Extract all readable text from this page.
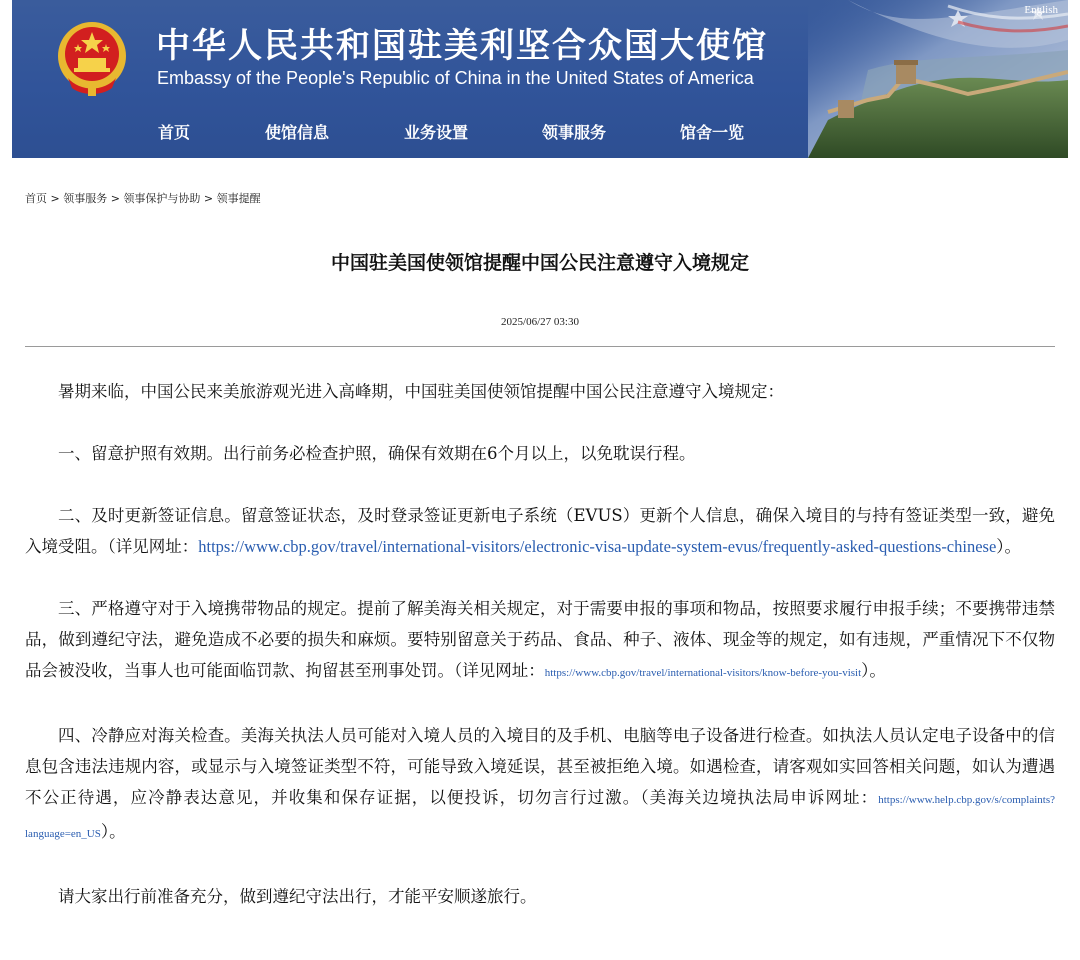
中华人民共和国驻美利坚合众国大使馆
Embassy of the People's Republic of China in the United States of America
English
首页	使馆信息	业务设置	领事服务	馆舍一览
首页 > 领事服务 > 领事保护与协助 > 领事提醒
中国驻美国使领馆提醒中国公民注意遵守入境规定
2025/06/27 03:30

暑期来临，中国公民来美旅游观光进入高峰期，中国驻美国使领馆提醒中国公民注意遵守入境规定：

一、留意护照有效期。出行前务必检查护照，确保有效期在6个月以上，以免耽误行程。

二、及时更新签证信息。留意签证状态，及时登录签证更新电子系统（EVUS）更新个人信息，确保入境目的与持有签证类型一致，避免入境受阻。（详见网址：https://www.cbp.gov/travel/international-visitors/electronic-visa-update-system-evus/frequently-asked-questions-chinese）。

三、严格遵守对于入境携带物品的规定。提前了解美海关相关规定，对于需要申报的事项和物品，按照要求履行申报手续；不要携带违禁品，做到遵纪守法，避免造成不必要的损失和麻烦。要特别留意关于药品、食品、种子、液体、现金等的规定，如有违规，严重情况下不仅物品会被没收，当事人也可能面临罚款、拘留甚至刑事处罚。（详见网址：https://www.cbp.gov/travel/international-visitors/know-before-you-visit）。

四、冷静应对海关检查。美海关执法人员可能对入境人员的入境目的及手机、电脑等电子设备进行检查。如执法人员认定电子设备中的信息包含违法违规内容，或显示与入境签证类型不符，可能导致入境延误，甚至被拒绝入境。如遇检查，请客观如实回答相关问题，如认为遭遇不公正待遇，应冷静表达意见，并收集和保存证据，以便投诉，切勿言行过激。（美海关边境执法局申诉网址：https://www.help.cbp.gov/s/complaints?language=en_US）。

请大家出行前准备充分，做到遵纪守法出行，才能平安顺遂旅行。
